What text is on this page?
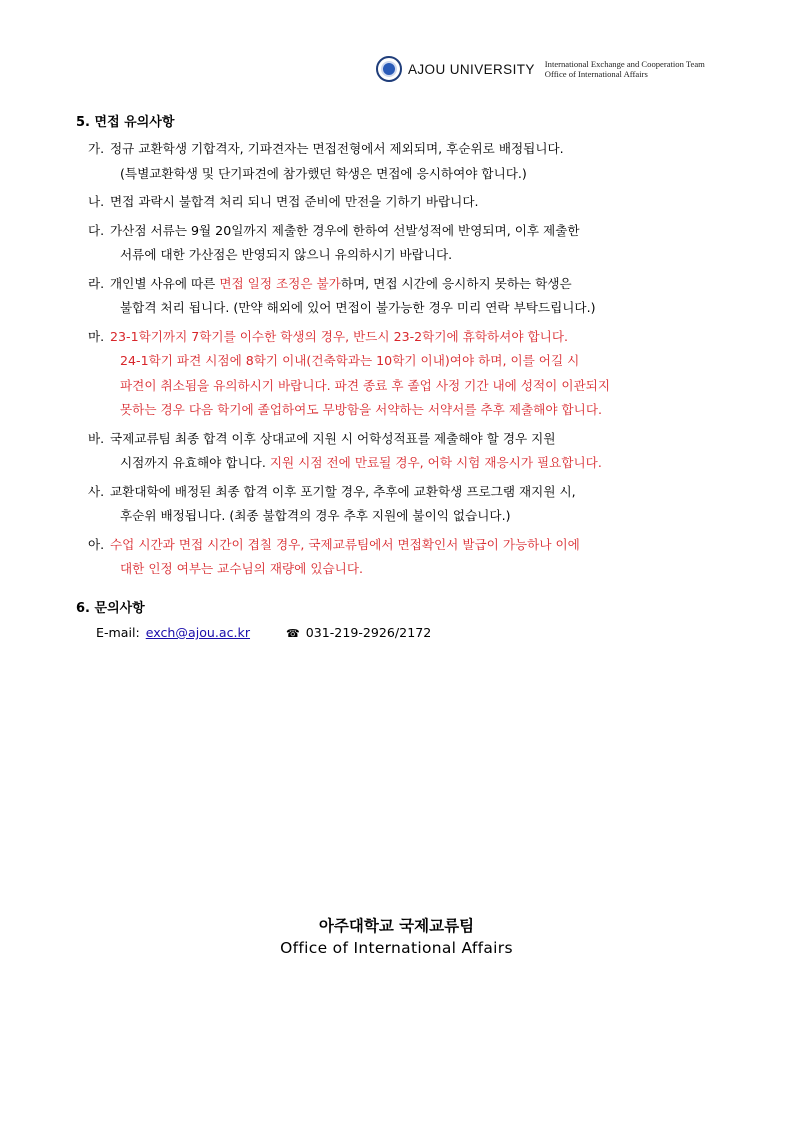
AJOU UNIVERSITY International Exchange and Cooperation Team
Office of International Affairs
5. 면접 유의사항
가. 정규 교환학생 기합격자, 기파견자는 면접전형에서 제외되며, 후순위로 배정됩니다.
(특별교환학생 및 단기파견에 참가했던 학생은 면접에 응시하여야 합니다.)
나. 면접 과락시 불합격 처리 되니 면접 준비에 만전을 기하기 바랍니다.
다. 가산점 서류는 9월 20일까지 제출한 경우에 한하여 선발성적에 반영되며, 이후 제출한
서류에 대한 가산점은 반영되지 않으니 유의하시기 바랍니다.
라. 개인별 사유에 따른 면접 일정 조정은 불가하며, 면접 시간에 응시하지 못하는 학생은
불합격 처리 됩니다. (만약 해외에 있어 면접이 불가능한 경우 미리 연락 부탁드립니다.)
마. 23-1학기까지 7학기를 이수한 학생의 경우, 반드시 23-2학기에 휴학하셔야 합니다.
24-1학기 파견 시점에 8학기 이내(건축학과는 10학기 이내)여야 하며, 이를 어길 시
파견이 취소됨을 유의하시기 바랍니다. 파견 종료 후 졸업 사정 기간 내에 성적이 이관되지
못하는 경우 다음 학기에 졸업하여도 무방함을 서약하는 서약서를 추후 제출해야 합니다.
바. 국제교류팀 최종 합격 이후 상대교에 지원 시 어학성적표를 제출해야 할 경우 지원
시점까지 유효해야 합니다. 지원 시점 전에 만료될 경우, 어학 시험 재응시가 필요합니다.
사. 교환대학에 배정된 최종 합격 이후 포기할 경우, 추후에 교환학생 프로그램 재지원 시,
후순위 배정됩니다. (최종 불합격의 경우 추후 지원에 불이익 없습니다.)
아. 수업 시간과 면접 시간이 겹칠 경우, 국제교류팀에서 면접확인서 발급이 가능하나 이에
대한 인정 여부는 교수님의 재량에 있습니다.
6. 문의사항
E-mail: exch@ajou.ac.kr	☎ 031-219-2926/2172
아주대학교 국제교류팀
Office of International Affairs
